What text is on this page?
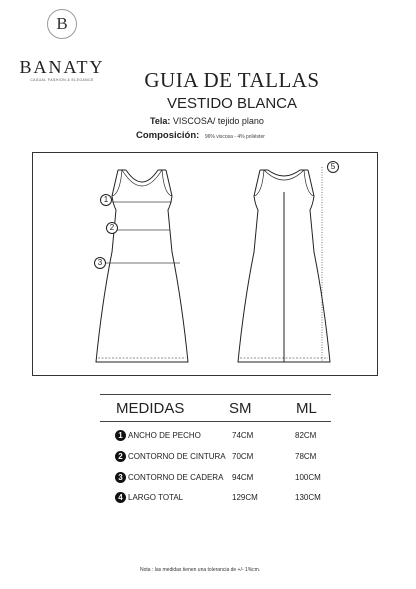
B
BANATY
CASUAL FASHION & ELEGANCE	GUIA DE TALLAS
VESTIDO BLANCA
Tela: VISCOSA/ tejido plano
Composición: 96% viscosa - 4% poliéster
1
2
3
5
MEDIDAS	SM	ML
1 ANCHO DE PECHO	74CM	82CM
2 CONTORNO DE CINTURA 70CM	78CM
3 CONTORNO DE CADERA 94CM	100CM
4 LARGO TOTAL	129CM	130CM
Nota : las medidas tienen una tolerancia de +/- 1%cm.
